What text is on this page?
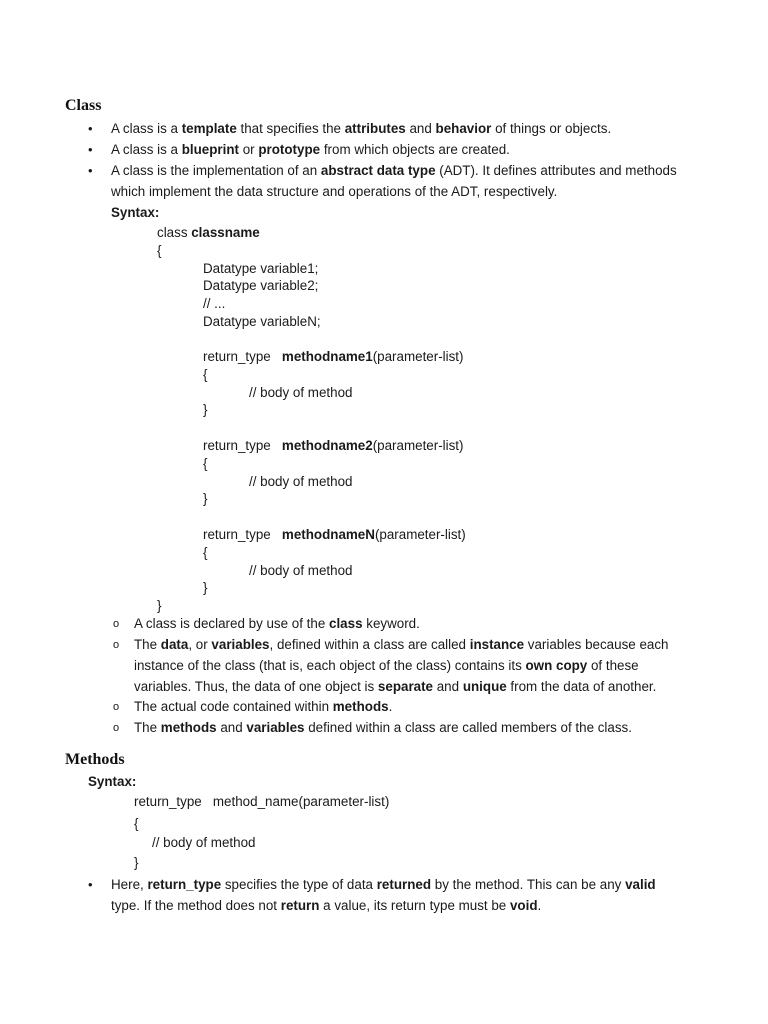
Class
• A class is a template that specifies the attributes and behavior of things or objects.
• A class is a blueprint or prototype from which objects are created.
• A class is the implementation of an abstract data type (ADT). It defines attributes and methods
which implement the data structure and operations of the ADT, respectively.
Syntax:
class classname
{
Datatype variable1;
Datatype variable2;
// ...
Datatype variableN;
return_type methodname1(parameter-list)
{
// body of method
}
return_type methodname2(parameter-list)
{
// body of method
}
return_type methodnameN(parameter-list)
{
// body of method
}
}
o A class is declared by use of the class keyword.
o The data, or variables, defined within a class are called instance variables because each
instance of the class (that is, each object of the class) contains its own copy of these
variables. Thus, the data of one object is separate and unique from the data of another.
o The actual code contained within methods.
o The methods and variables defined within a class are called members of the class.
Methods
Syntax:
return_type   method_name(parameter-list)
{
// body of method
}
• Here, return_type specifies the type of data returned by the method. This can be any valid
type. If the method does not return a value, its return type must be void.
